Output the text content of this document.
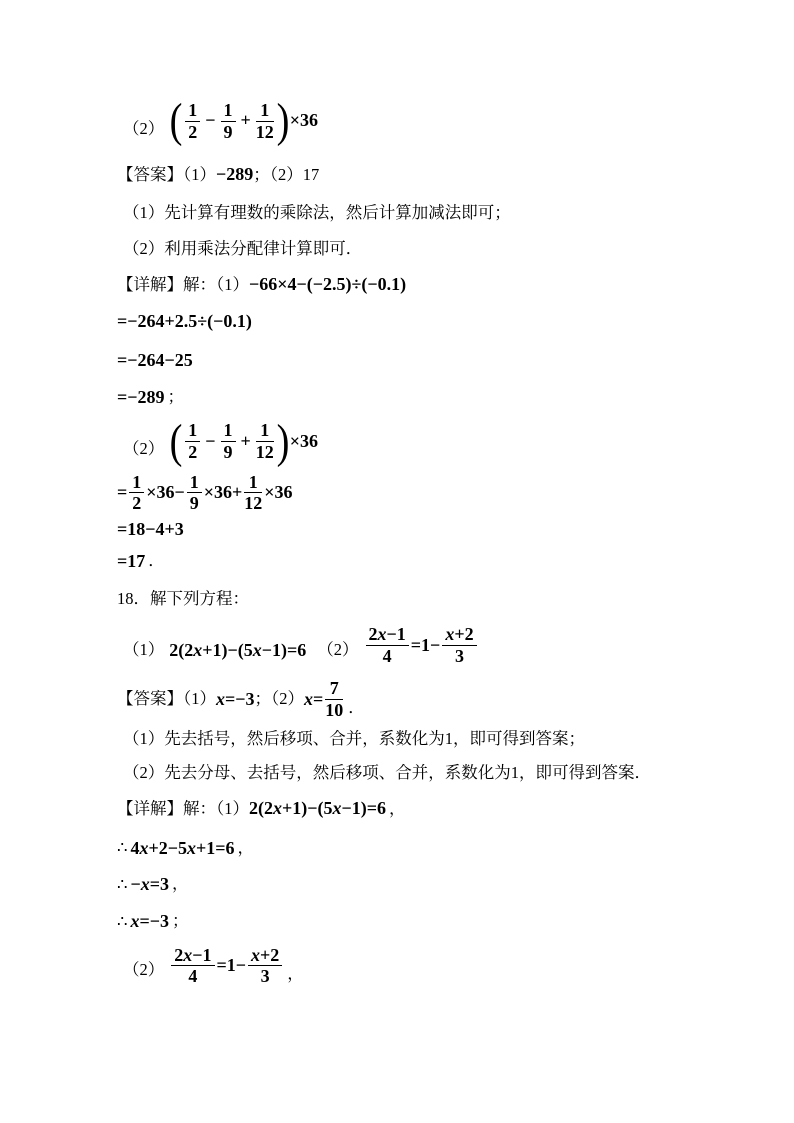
（2） ( $\frac{1}{2} - \frac{1}{9} + \frac{1}{12}$ ) ×36
【答案】（1） −289 ；（2）17

（1）先计算有理数的乘除法，然后计算加减法即可；

（2）利用乘法分配律计算即可．

【详解】解：（1） −66×4−(−2.5)÷(−0.1)

=−264+2.5÷(−0.1)

=−264−25

=−289 ；
（2） ( $\frac{1}{2} - \frac{1}{9} + \frac{1}{12}$ ) ×36
= $\frac{1}{2} \times 36- \frac{1}{9} \times 36+ \frac{1}{12} \times 36$

=18−4+3

=17 ．

18．解下列方程：

（1） 2(2x+1)−(5x−1)=6 $(2) \frac{2x-1}{4} =1- \frac{x+2}{3}$
【答案】（1） x=−3 ；（2） $x= \frac{7}{10}$ ．

（1）先去括号，然后移项、合并，系数化为1，即可得到答案；

（2）先去分母、去括号，然后移项、合并，系数化为1，即可得到答案．

【详解】解：（1） 2(2x+1)−(5x−1)=6 ，
∴ 4x+2−5x+1=6 ，
∴ −x=3 ，
∴ x=−3 ；
$(2) \frac{2x-1}{4} =1- \frac{x+2}{3}$ ，
